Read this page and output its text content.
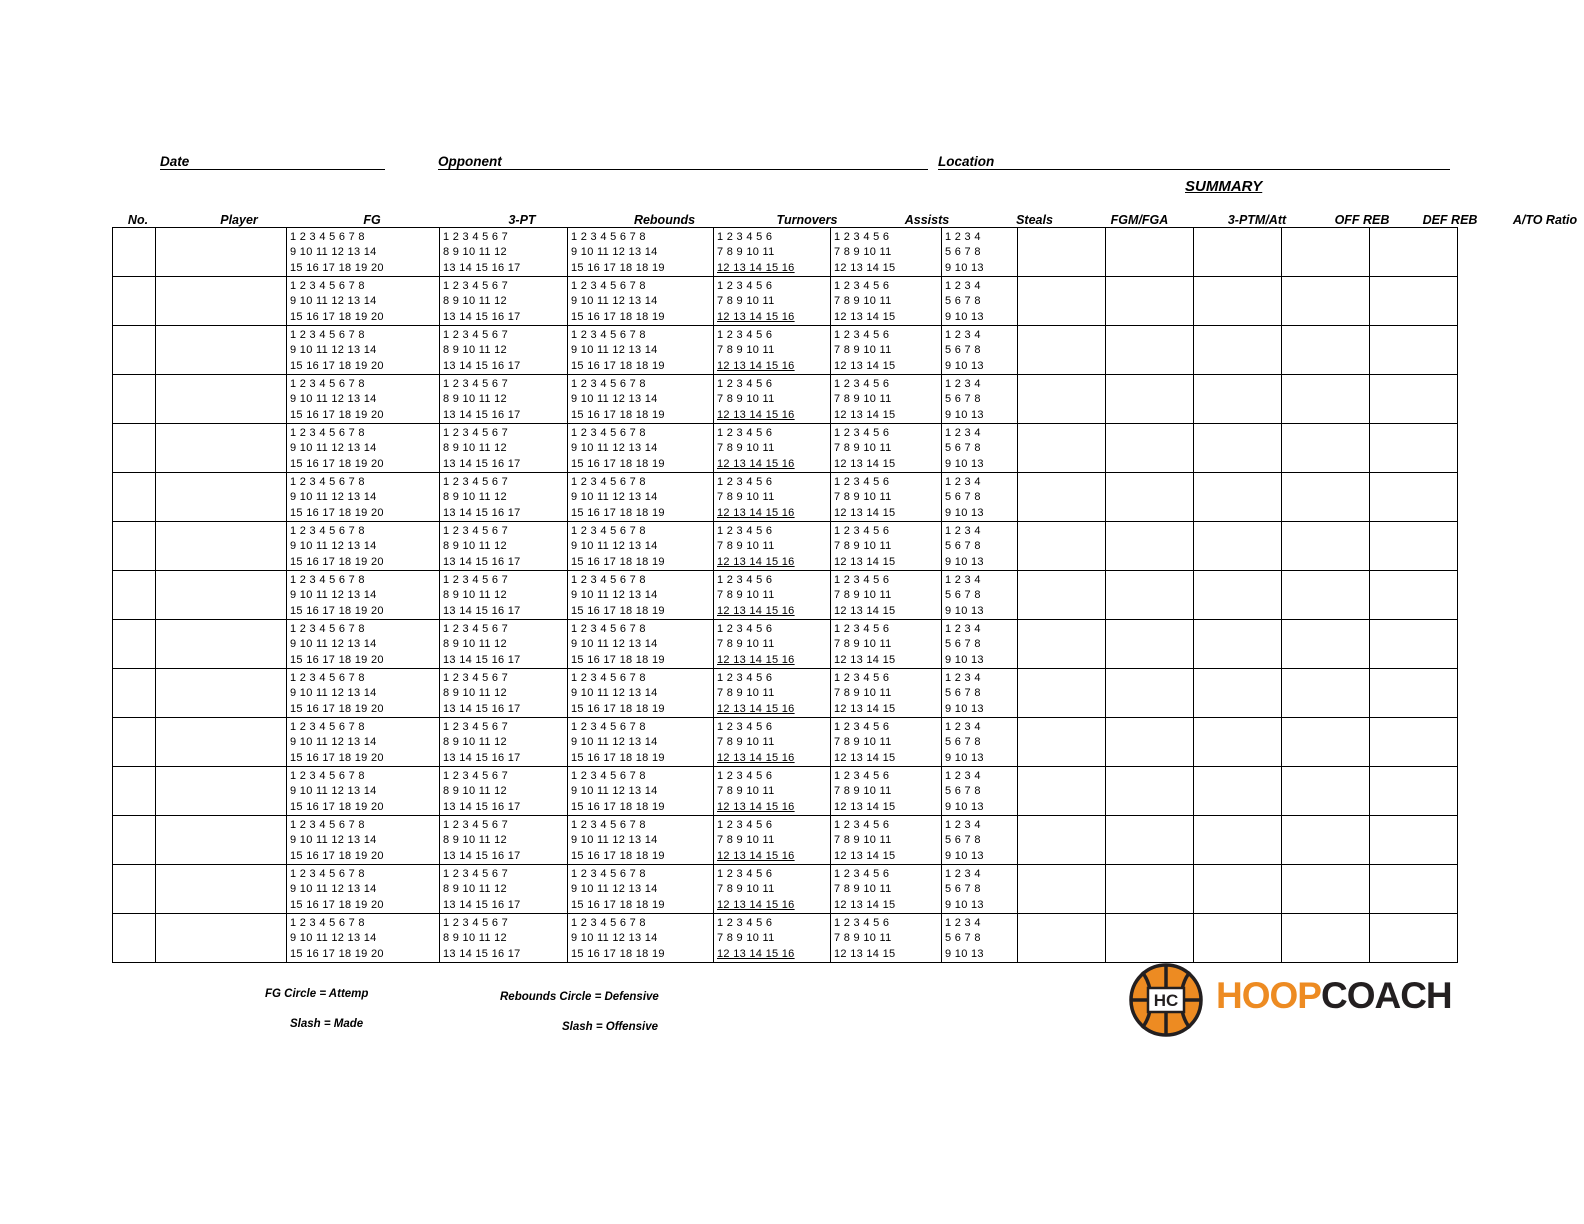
Date	Opponent	Location
SUMMARY
No.	Player	FG	3-PT	Rebounds	Turnovers	Assists	Steals	FGM/FGA	3-PTM/Att	OFF REB	DEF REB	A/TO Ratio

		1 2 3 4 5 6 7 8
9 10 11 12 13 14
15 16 17 18 19 20	1 2 3 4 5 6 7
8 9 10 11 12
13 14 15 16 17	1 2 3 4 5 6 7 8
9 10 11 12 13 14
15 16 17 18 18 19	1 2 3 4 5 6
7 8 9 10 11
12 13 14 15 16	1 2 3 4 5 6
7 8 9 10 11
12 13 14 15	1 2 3 4
5 6 7 8
9 10 13					

		1 2 3 4 5 6 7 8
9 10 11 12 13 14
15 16 17 18 19 20	1 2 3 4 5 6 7
8 9 10 11 12
13 14 15 16 17	1 2 3 4 5 6 7 8
9 10 11 12 13 14
15 16 17 18 18 19	1 2 3 4 5 6
7 8 9 10 11
12 13 14 15 16	1 2 3 4 5 6
7 8 9 10 11
12 13 14 15	1 2 3 4
5 6 7 8
9 10 13					

		1 2 3 4 5 6 7 8
9 10 11 12 13 14
15 16 17 18 19 20	1 2 3 4 5 6 7
8 9 10 11 12
13 14 15 16 17	1 2 3 4 5 6 7 8
9 10 11 12 13 14
15 16 17 18 18 19	1 2 3 4 5 6
7 8 9 10 11
12 13 14 15 16	1 2 3 4 5 6
7 8 9 10 11
12 13 14 15	1 2 3 4
5 6 7 8
9 10 13					

		1 2 3 4 5 6 7 8
9 10 11 12 13 14
15 16 17 18 19 20	1 2 3 4 5 6 7
8 9 10 11 12
13 14 15 16 17	1 2 3 4 5 6 7 8
9 10 11 12 13 14
15 16 17 18 18 19	1 2 3 4 5 6
7 8 9 10 11
12 13 14 15 16	1 2 3 4 5 6
7 8 9 10 11
12 13 14 15	1 2 3 4
5 6 7 8
9 10 13					

		1 2 3 4 5 6 7 8
9 10 11 12 13 14
15 16 17 18 19 20	1 2 3 4 5 6 7
8 9 10 11 12
13 14 15 16 17	1 2 3 4 5 6 7 8
9 10 11 12 13 14
15 16 17 18 18 19	1 2 3 4 5 6
7 8 9 10 11
12 13 14 15 16	1 2 3 4 5 6
7 8 9 10 11
12 13 14 15	1 2 3 4
5 6 7 8
9 10 13					

		1 2 3 4 5 6 7 8
9 10 11 12 13 14
15 16 17 18 19 20	1 2 3 4 5 6 7
8 9 10 11 12
13 14 15 16 17	1 2 3 4 5 6 7 8
9 10 11 12 13 14
15 16 17 18 18 19	1 2 3 4 5 6
7 8 9 10 11
12 13 14 15 16	1 2 3 4 5 6
7 8 9 10 11
12 13 14 15	1 2 3 4
5 6 7 8
9 10 13					

		1 2 3 4 5 6 7 8
9 10 11 12 13 14
15 16 17 18 19 20	1 2 3 4 5 6 7
8 9 10 11 12
13 14 15 16 17	1 2 3 4 5 6 7 8
9 10 11 12 13 14
15 16 17 18 18 19	1 2 3 4 5 6
7 8 9 10 11
12 13 14 15 16	1 2 3 4 5 6
7 8 9 10 11
12 13 14 15	1 2 3 4
5 6 7 8
9 10 13					

		1 2 3 4 5 6 7 8
9 10 11 12 13 14
15 16 17 18 19 20	1 2 3 4 5 6 7
8 9 10 11 12
13 14 15 16 17	1 2 3 4 5 6 7 8
9 10 11 12 13 14
15 16 17 18 18 19	1 2 3 4 5 6
7 8 9 10 11
12 13 14 15 16	1 2 3 4 5 6
7 8 9 10 11
12 13 14 15	1 2 3 4
5 6 7 8
9 10 13					

		1 2 3 4 5 6 7 8
9 10 11 12 13 14
15 16 17 18 19 20	1 2 3 4 5 6 7
8 9 10 11 12
13 14 15 16 17	1 2 3 4 5 6 7 8
9 10 11 12 13 14
15 16 17 18 18 19	1 2 3 4 5 6
7 8 9 10 11
12 13 14 15 16	1 2 3 4 5 6
7 8 9 10 11
12 13 14 15	1 2 3 4
5 6 7 8
9 10 13					

		1 2 3 4 5 6 7 8
9 10 11 12 13 14
15 16 17 18 19 20	1 2 3 4 5 6 7
8 9 10 11 12
13 14 15 16 17	1 2 3 4 5 6 7 8
9 10 11 12 13 14
15 16 17 18 18 19	1 2 3 4 5 6
7 8 9 10 11
12 13 14 15 16	1 2 3 4 5 6
7 8 9 10 11
12 13 14 15	1 2 3 4
5 6 7 8
9 10 13					

		1 2 3 4 5 6 7 8
9 10 11 12 13 14
15 16 17 18 19 20	1 2 3 4 5 6 7
8 9 10 11 12
13 14 15 16 17	1 2 3 4 5 6 7 8
9 10 11 12 13 14
15 16 17 18 18 19	1 2 3 4 5 6
7 8 9 10 11
12 13 14 15 16	1 2 3 4 5 6
7 8 9 10 11
12 13 14 15	1 2 3 4
5 6 7 8
9 10 13					

		1 2 3 4 5 6 7 8
9 10 11 12 13 14
15 16 17 18 19 20	1 2 3 4 5 6 7
8 9 10 11 12
13 14 15 16 17	1 2 3 4 5 6 7 8
9 10 11 12 13 14
15 16 17 18 18 19	1 2 3 4 5 6
7 8 9 10 11
12 13 14 15 16	1 2 3 4 5 6
7 8 9 10 11
12 13 14 15	1 2 3 4
5 6 7 8
9 10 13					

		1 2 3 4 5 6 7 8
9 10 11 12 13 14
15 16 17 18 19 20	1 2 3 4 5 6 7
8 9 10 11 12
13 14 15 16 17	1 2 3 4 5 6 7 8
9 10 11 12 13 14
15 16 17 18 18 19	1 2 3 4 5 6
7 8 9 10 11
12 13 14 15 16	1 2 3 4 5 6
7 8 9 10 11
12 13 14 15	1 2 3 4
5 6 7 8
9 10 13					

		1 2 3 4 5 6 7 8
9 10 11 12 13 14
15 16 17 18 19 20	1 2 3 4 5 6 7
8 9 10 11 12
13 14 15 16 17	1 2 3 4 5 6 7 8
9 10 11 12 13 14
15 16 17 18 18 19	1 2 3 4 5 6
7 8 9 10 11
12 13 14 15 16	1 2 3 4 5 6
7 8 9 10 11
12 13 14 15	1 2 3 4
5 6 7 8
9 10 13					

		1 2 3 4 5 6 7 8
9 10 11 12 13 14
15 16 17 18 19 20	1 2 3 4 5 6 7
8 9 10 11 12
13 14 15 16 17	1 2 3 4 5 6 7 8
9 10 11 12 13 14
15 16 17 18 18 19	1 2 3 4 5 6
7 8 9 10 11
12 13 14 15 16	1 2 3 4 5 6
7 8 9 10 11
12 13 14 15	1 2 3 4
5 6 7 8
9 10 13					

FG Circle = Attemp
Slash = Made
Rebounds Circle = Defensive
Slash = Offensive
HC HOOPCOACH
